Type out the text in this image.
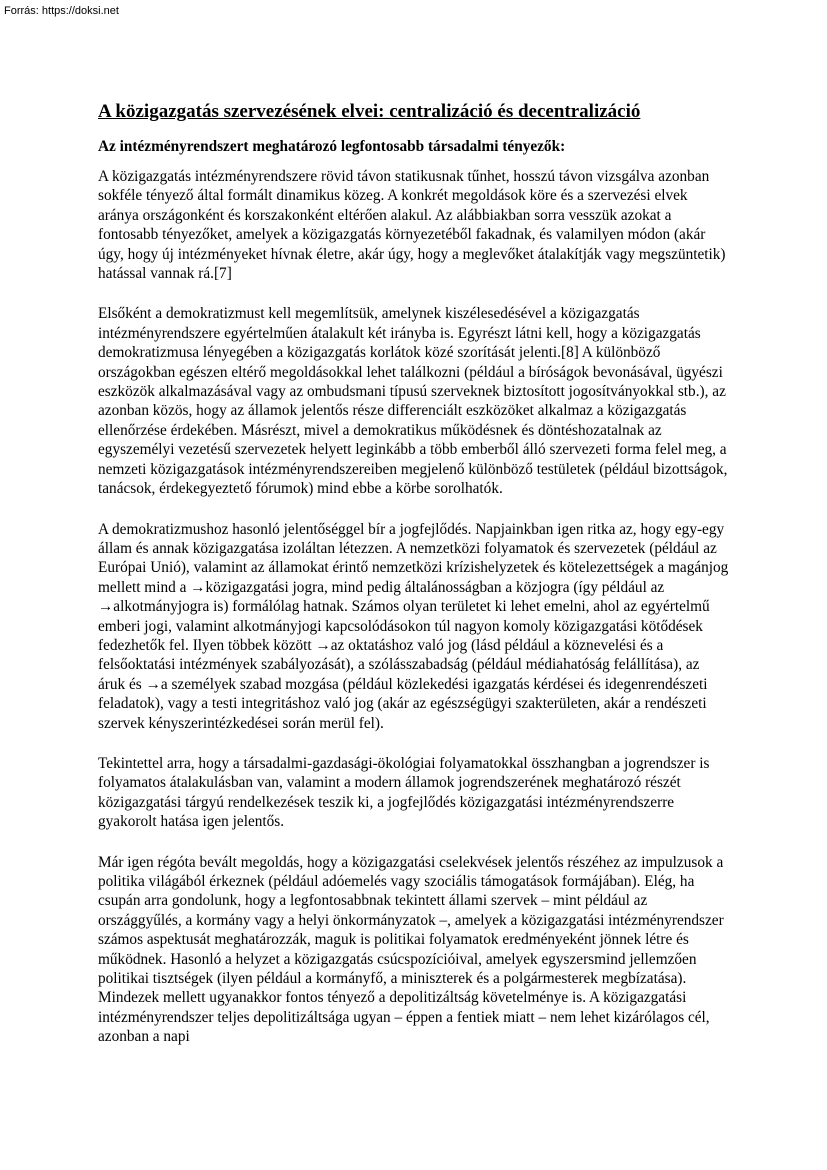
Forrás: https://doksi.net
A közigazgatás szervezésének elvei: centralizáció és decentralizáció
Az intézményrendszert meghatározó legfontosabb társadalmi tényezők:

A közigazgatás intézményrendszere rövid távon statikusnak tűnhet, hosszú távon vizsgálva azonban sokféle tényező által formált dinamikus közeg. A konkrét megoldások köre és a szervezési elvek aránya országonként és korszakonként eltérően alakul. Az alábbiakban sorra vesszük azokat a fontosabb tényezőket, amelyek a közigazgatás környezetéből fakadnak, és valamilyen módon (akár úgy, hogy új intézményeket hívnak életre, akár úgy, hogy a meglevőket átalakítják vagy megszüntetik) hatással vannak rá.[7]

Elsőként a demokratizmust kell megemlítsük, amelynek kiszélesedésével a közigazgatás intézményrendszere egyértelműen átalakult két irányba is. Egyrészt látni kell, hogy a közigazgatás demokratizmusa lényegében a közigazgatás korlátok közé szorítását jelenti.[8] A különböző országokban egészen eltérő megoldásokkal lehet találkozni (például a bíróságok bevonásával, ügyészi eszközök alkalmazásával vagy az ombudsmani típusú szerveknek biztosított jogosítványokkal stb.), az azonban közös, hogy az államok jelentős része differenciált eszközöket alkalmaz a közigazgatás ellenőrzése érdekében. Másrészt, mivel a demokratikus működésnek és döntéshozatalnak az egyszemélyi vezetésű szervezetek helyett leginkább a több emberből álló szervezeti forma felel meg, a nemzeti közigazgatások intézményrendszereiben megjelenő különböző testületek (például bizottságok, tanácsok, érdekegyeztető fórumok) mind ebbe a körbe sorolhatók.

A demokratizmushoz hasonló jelentőséggel bír a jogfejlődés. Napjainkban igen ritka az, hogy egy-egy állam és annak közigazgatása izoláltan létezzen. A nemzetközi folyamatok és szervezetek (például az Európai Unió), valamint az államokat érintő nemzetközi krízishelyzetek és kötelezettségek a magánjog mellett mind a →közigazgatási jogra, mind pedig általánosságban a közjogra (így például az →alkotmányjogra is) formálólag hatnak. Számos olyan területet ki lehet emelni, ahol az egyértelmű emberi jogi, valamint alkotmányjogi kapcsolódásokon túl nagyon komoly közigazgatási kötődések fedezhetők fel. Ilyen többek között →az oktatáshoz való jog (lásd például a köznevelési és a felsőoktatási intézmények szabályozását), a szólásszabadság (például médiahatóság felállítása), az áruk és →a személyek szabad mozgása (például közlekedési igazgatás kérdései és idegenrendészeti feladatok), vagy a testi integritáshoz való jog (akár az egészségügyi szakterületen, akár a rendészeti szervek kényszerintézkedései során merül fel).

Tekintettel arra, hogy a társadalmi-gazdasági-ökológiai folyamatokkal összhangban a jogrendszer is folyamatos átalakulásban van, valamint a modern államok jogrendszerének meghatározó részét közigazgatási tárgyú rendelkezések teszik ki, a jogfejlődés közigazgatási intézményrendszerre gyakorolt hatása igen jelentős.

Már igen régóta bevált megoldás, hogy a közigazgatási cselekvések jelentős részéhez az impulzusok a politika világából érkeznek (például adóemelés vagy szociális támogatások formájában). Elég, ha csupán arra gondolunk, hogy a legfontosabbnak tekintett állami szervek – mint például az országgyűlés, a kormány vagy a helyi önkormányzatok –, amelyek a közigazgatási intézményrendszer számos aspektusát meghatározzák, maguk is politikai folyamatok eredményeként jönnek létre és működnek. Hasonló a helyzet a közigazgatás csúcspozícióival, amelyek egyszersmind jellemzően politikai tisztségek (ilyen például a kormányfő, a miniszterek és a polgármesterek megbízatása). Mindezek mellett ugyanakkor fontos tényező a depolitizáltság követelménye is. A közigazgatási intézményrendszer teljes depolitizáltsága ugyan – éppen a fentiek miatt – nem lehet kizárólagos cél, azonban a napi
